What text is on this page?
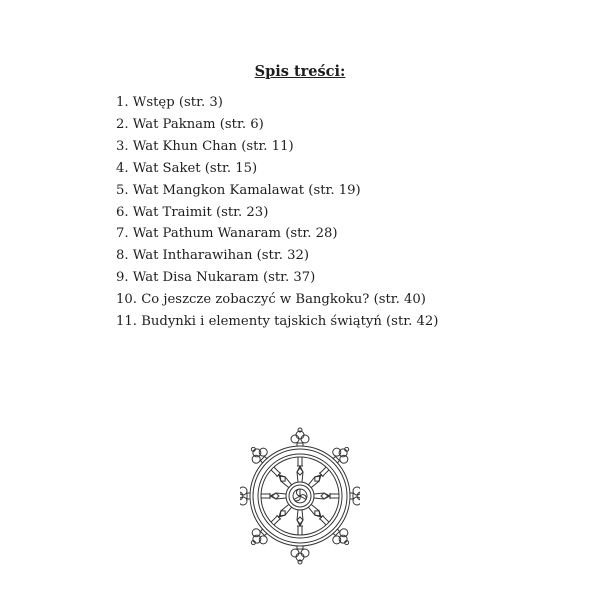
Spis treści:
1. Wstęp (str. 3)
2. Wat Paknam (str. 6)
3. Wat Khun Chan (str. 11)
4. Wat Saket (str. 15)
5. Wat Mangkon Kamalawat (str. 19)
6. Wat Traimit (str. 23)
7. Wat Pathum Wanaram (str. 28)
8. Wat Intharawihan (str. 32)
9. Wat Disa Nukaram (str. 37)
10. Co jeszcze zobaczyć w Bangkoku? (str. 40)
11. Budynki i elementy tajskich świątyń (str. 42)
